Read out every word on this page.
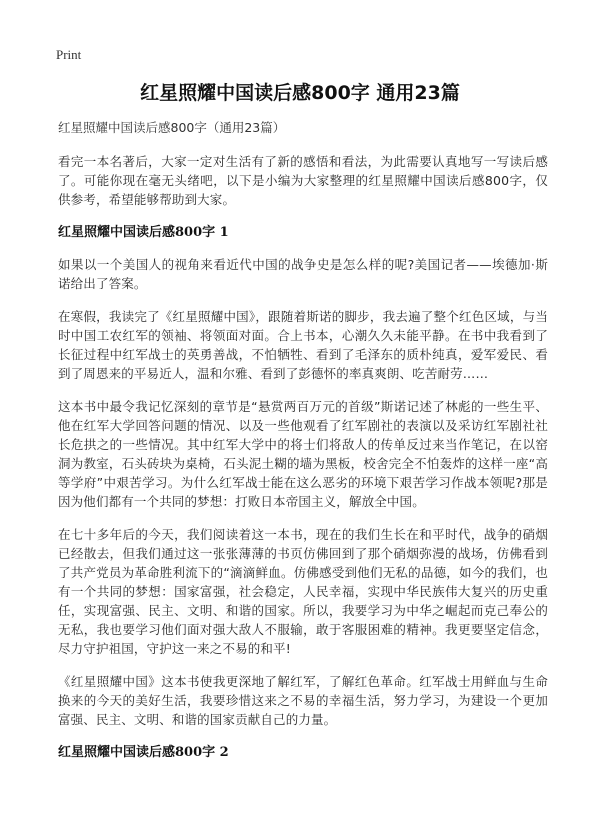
Print
红星照耀中国读后感800字 通用23篇

红星照耀中国读后感800字（通用23篇）

看完一本名著后，大家一定对生活有了新的感悟和看法，为此需要认真地写一写读后感了。可能你现在毫无头绪吧，以下是小编为大家整理的红星照耀中国读后感800字，仅供参考，希望能够帮助到大家。

红星照耀中国读后感800字 1

如果以一个美国人的视角来看近代中国的战争史是怎么样的呢?美国记者——埃德加·斯诺给出了答案。

在寒假，我读完了《红星照耀中国》，跟随着斯诺的脚步，我去遍了整个红色区域，与当时中国工农红军的领袖、将领面对面。合上书本，心潮久久未能平静。在书中我看到了长征过程中红军战士的英勇善战，不怕牺牲、看到了毛泽东的质朴纯真，爱军爱民、看到了周恩来的平易近人，温和尔雅、看到了彭德怀的率真爽朗、吃苦耐劳……

这本书中最令我记忆深刻的章节是“悬赏两百万元的首级”斯诺记述了林彪的一些生平、他在红军大学回答问题的情况、以及一些他观看了红军剧社的表演以及采访红军剧社社长危拱之的一些情况。其中红军大学中的将士们将敌人的传单反过来当作笔记，在以窑洞为教室，石头砖块为桌椅，石头泥土糊的墙为黑板，校舍完全不怕轰炸的这样一座“高等学府”中艰苦学习。为什么红军战士能在这么恶劣的环境下艰苦学习作战本领呢?那是因为他们都有一个共同的梦想：打败日本帝国主义，解放全中国。

在七十多年后的今天，我们阅读着这一本书，现在的我们生长在和平时代，战争的硝烟已经散去，但我们通过这一张张薄薄的书页仿佛回到了那个硝烟弥漫的战场，仿佛看到了共产党员为革命胜利流下的“滴滴鲜血。仿佛感受到他们无私的品德，如今的我们，也有一个共同的梦想：国家富强，社会稳定，人民幸福，实现中华民族伟大复兴的历史重任，实现富强、民主、文明、和谐的国家。所以，我要学习为中华之崛起而克己奉公的无私，我也要学习他们面对强大敌人不服输，敢于客服困难的精神。我更要坚定信念，尽力守护祖国，守护这一来之不易的和平!

《红星照耀中国》这本书使我更深地了解红军，了解红色革命。红军战士用鲜血与生命换来的今天的美好生活，我要珍惜这来之不易的幸福生活，努力学习，为建设一个更加富强、民主、文明、和谐的国家贡献自己的力量。

红星照耀中国读后感800字 2
